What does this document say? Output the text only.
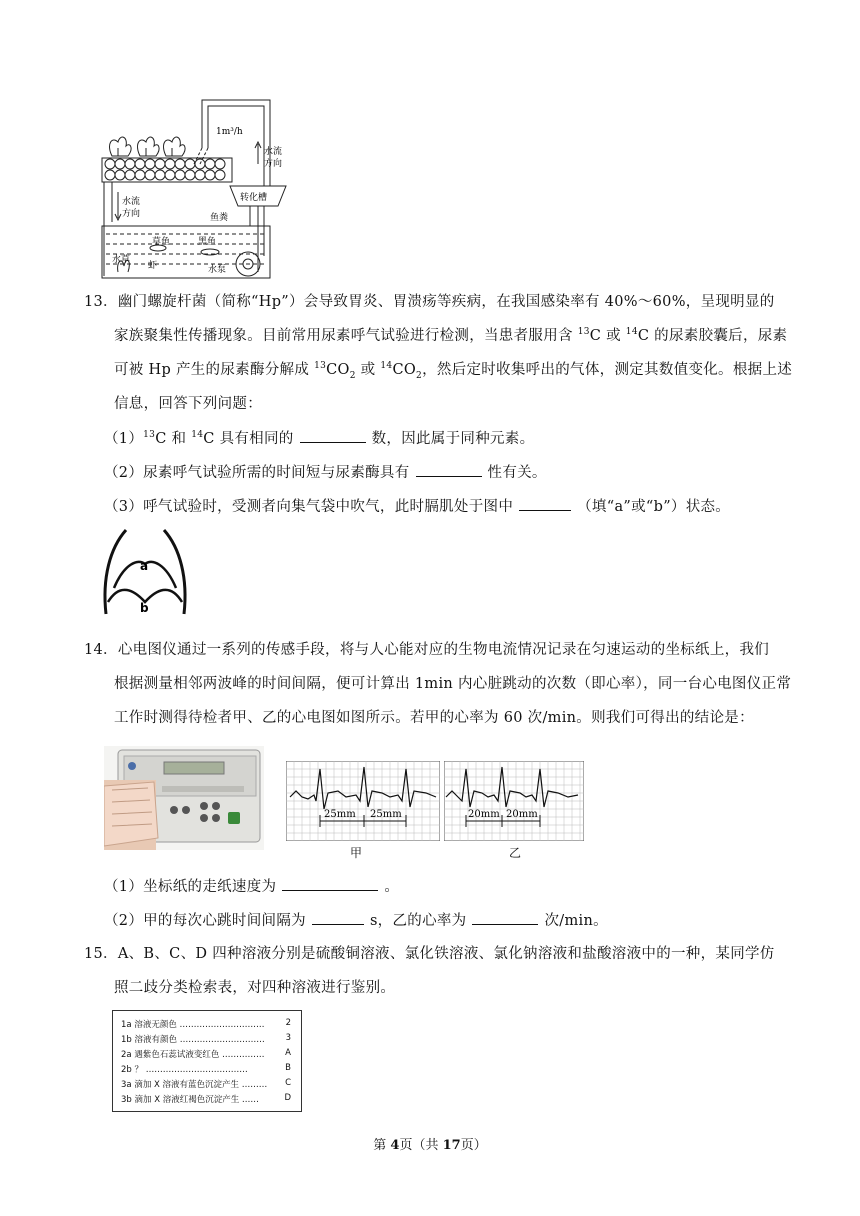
1m³/h
水流
方向
转化槽
鱼粪
水流
方向
草鱼	黑鱼
水草
虾	水泵
13．幽门螺旋杆菌（简称“Hp”）会导致胃炎、胃溃疡等疾病，在我国感染率有 40%～60%，呈现明显的
家族聚集性传播现象。目前常用尿素呼气试验进行检测，当患者服用含 $^{13}$C 或 $^{14}$C 的尿素胶囊后，尿素
可被 Hp 产生的尿素酶分解成 $^{13}CO_2$ 或 $^{14}CO_2$，然后定时收集呼出的气体，测定其数值变化。根据上述
信息，回答下列问题：
$(1)^{13}C$ 和 $^{14}$C 具有相同的	数，因此属于同种元素。
（2）尿素呼气试验所需的时间短与尿素酶具有	性有关。
（3）呼气试验时，受测者向集气袋中吹气，此时膈肌处于图中	（填“a”或“b”）状态。
a
b
14．心电图仪通过一系列的传感手段，将与人心能对应的生物电流情况记录在匀速运动的坐标纸上，我们
根据测量相邻两波峰的时间间隔，便可计算出 1min 内心脏跳动的次数（即心率），同一台心电图仪正常
工作时测得待检者甲、乙的心电图如图所示。若甲的心率为 60 次/min。则我们可得出的结论是：
25mm 25mm
甲
20mm 20mm
乙
（1）坐标纸的走纸速度为	。
（2）甲的每次心跳时间间隔为	s，乙的心率为	次/min。
15．A、B、C、D 四种溶液分别是硫酸铜溶液、氯化铁溶液、氯化钠溶液和盐酸溶液中的一种，某同学仿
照二歧分类检索表，对四种溶液进行鉴别。
1a 溶液无颜色 ………………………… 2
1b 溶液有颜色 ………………………… 3
2a 遇紫色石蕊试液变红色 …………… A
2b ？ ………………………………	B
3a 滴加 X 溶液有蓝色沉淀产生 ……… C
3b 滴加 X 溶液红褐色沉淀产生 ……	D
第 4页（共 17页）
